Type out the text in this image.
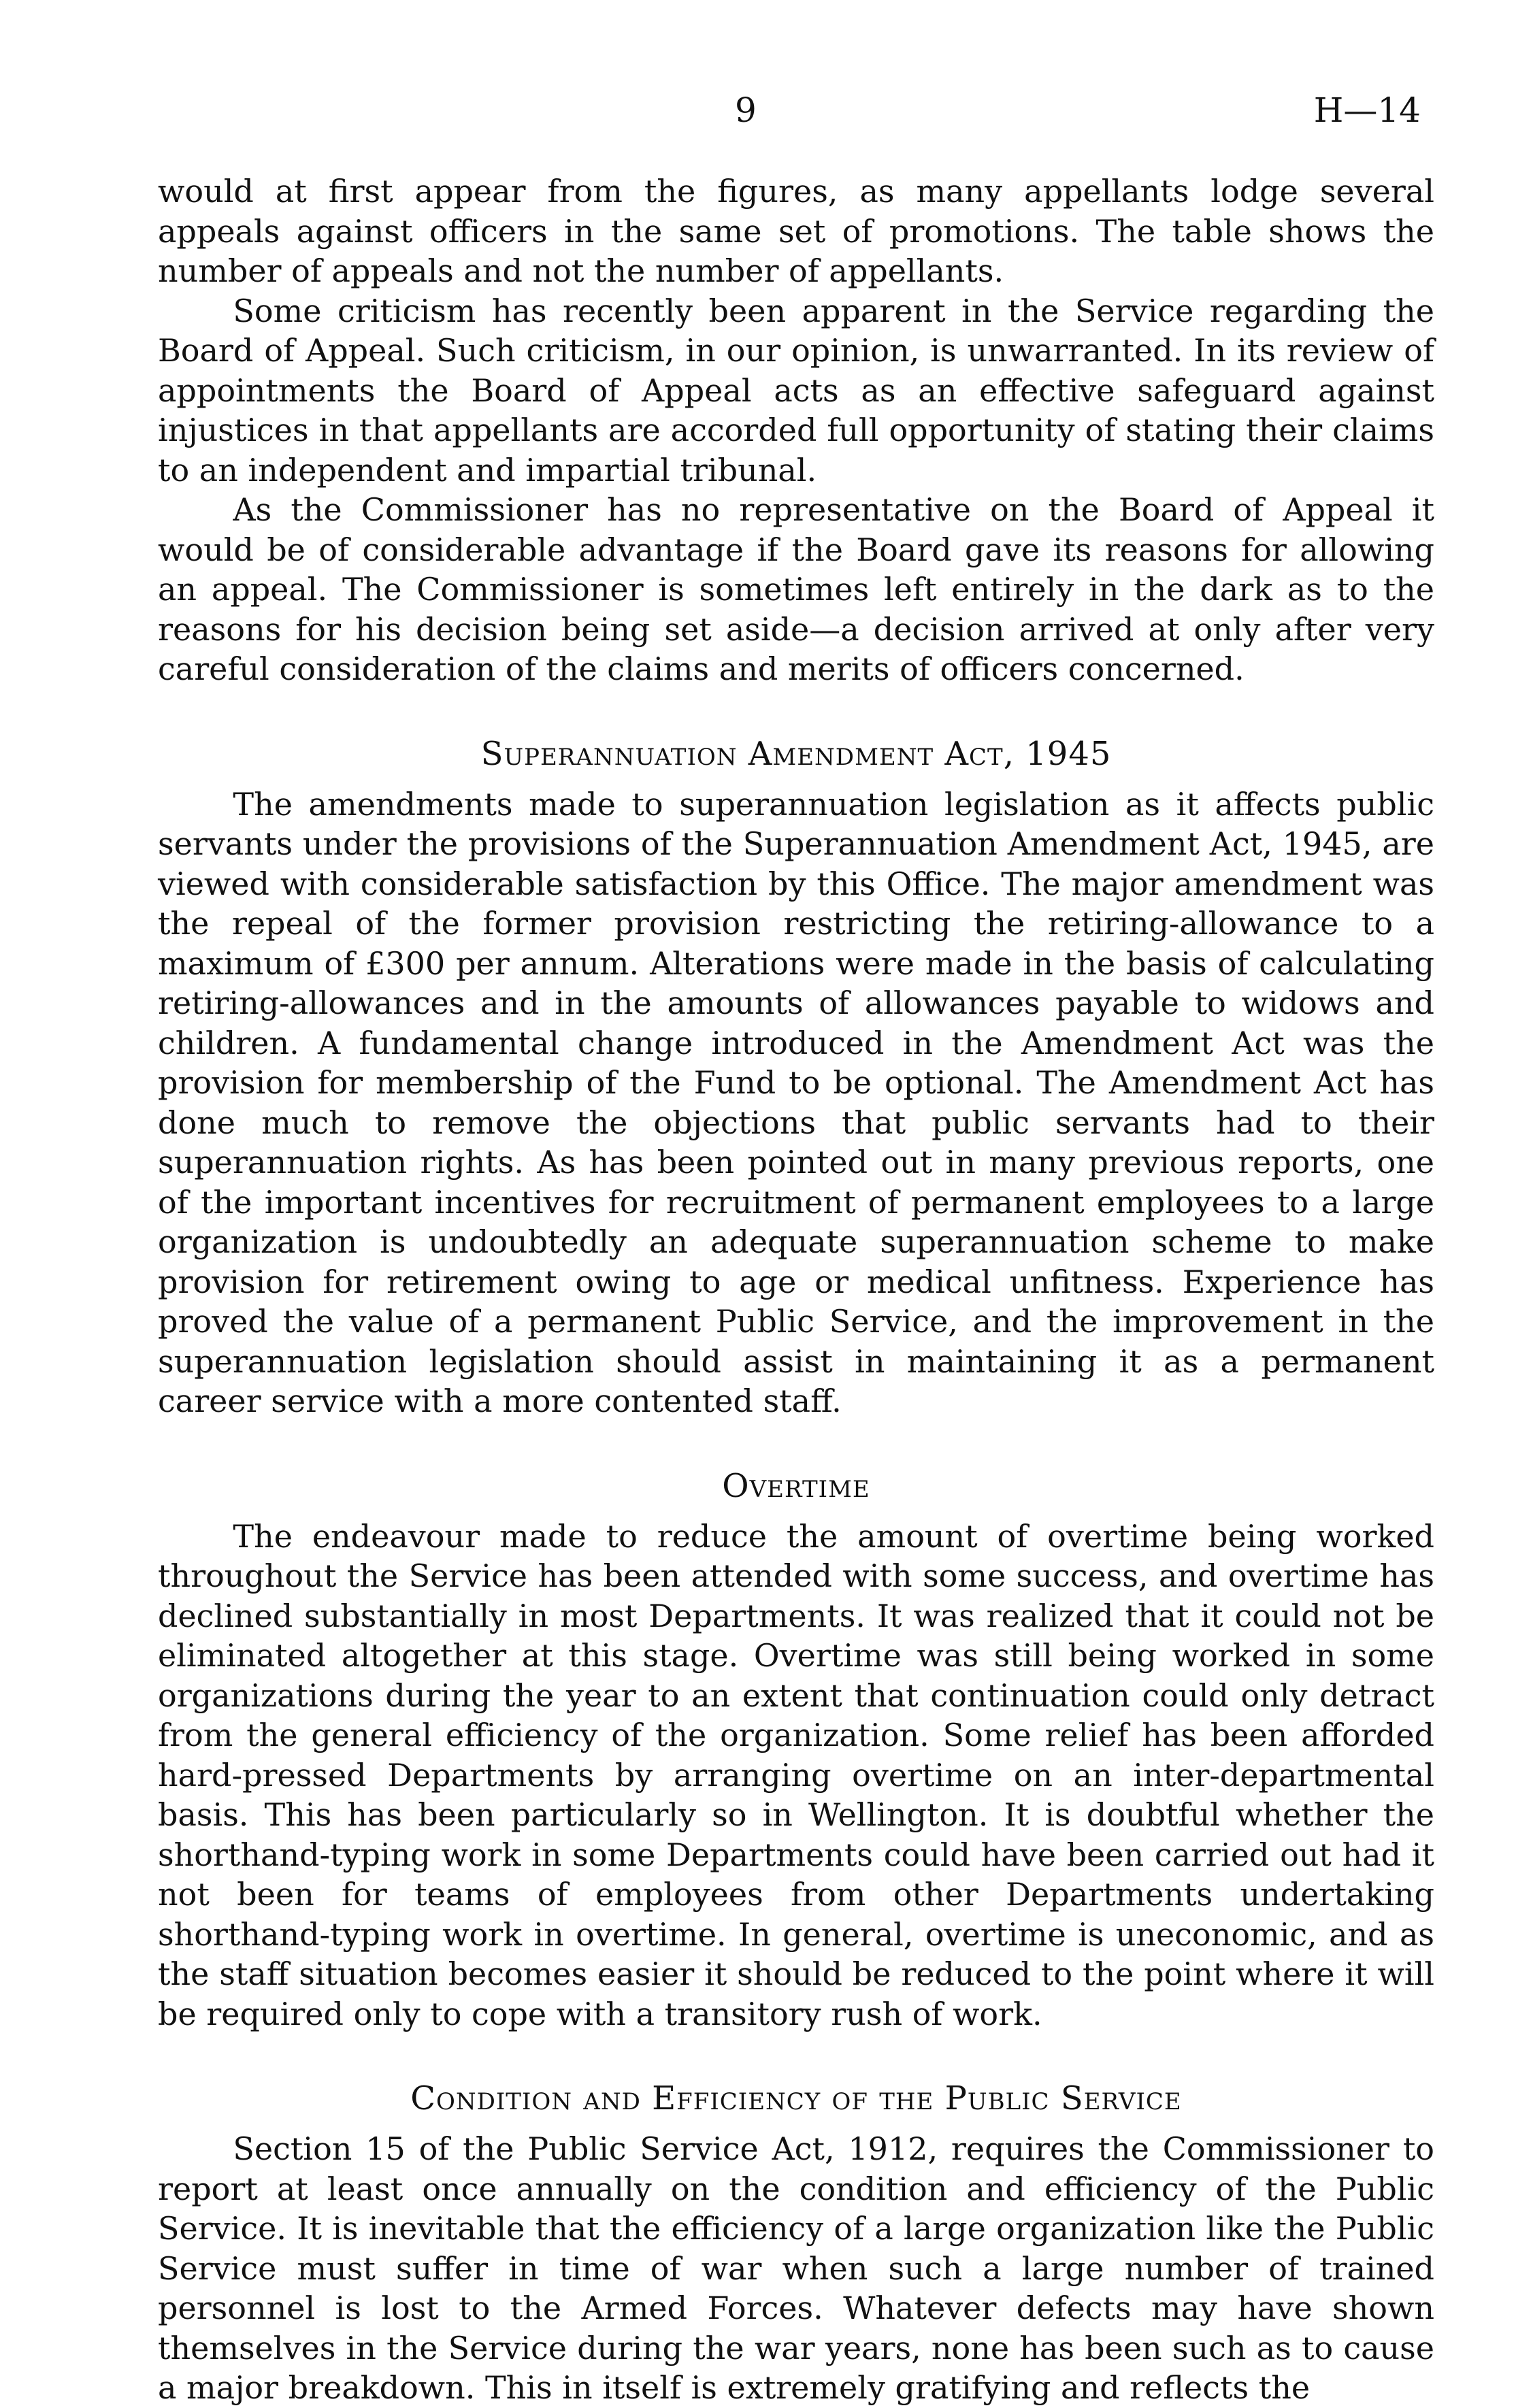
9	H—14

would at first appear from the figures, as many appellants lodge several appeals against officers in the same set of promotions. The table shows the number of appeals and not the number of appellants.

Some criticism has recently been apparent in the Service regarding the Board of Appeal. Such criticism, in our opinion, is unwarranted. In its review of appointments the Board of Appeal acts as an effective safeguard against injustices in that appellants are accorded full opportunity of stating their claims to an independent and impartial tribunal.

As the Commissioner has no representative on the Board of Appeal it would be of considerable advantage if the Board gave its reasons for allowing an appeal. The Commissioner is sometimes left entirely in the dark as to the reasons for his decision being set aside—a decision arrived at only after very careful consideration of the claims and merits of officers concerned.

Superannuation Amendment Act, 1945

The amendments made to superannuation legislation as it affects public servants under the provisions of the Superannuation Amendment Act, 1945, are viewed with considerable satisfaction by this Office. The major amendment was the repeal of the former provision restricting the retiring-allowance to a maximum of £300 per annum. Alterations were made in the basis of calculating retiring-allowances and in the amounts of allowances payable to widows and children. A fundamental change introduced in the Amendment Act was the provision for membership of the Fund to be optional. The Amendment Act has done much to remove the objections that public servants had to their superannuation rights. As has been pointed out in many previous reports, one of the important incentives for recruitment of permanent employees to a large organization is undoubtedly an adequate superannuation scheme to make provision for retirement owing to age or medical unfitness. Experience has proved the value of a permanent Public Service, and the improvement in the superannuation legislation should assist in maintaining it as a permanent career service with a more contented staff.

Overtime

The endeavour made to reduce the amount of overtime being worked throughout the Service has been attended with some success, and overtime has declined substantially in most Departments. It was realized that it could not be eliminated altogether at this stage. Overtime was still being worked in some organizations during the year to an extent that continuation could only detract from the general efficiency of the organization. Some relief has been afforded hard-pressed Departments by arranging overtime on an inter-departmental basis. This has been particularly so in Wellington. It is doubtful whether the shorthand-typing work in some Departments could have been carried out had it not been for teams of employees from other Departments undertaking shorthand-typing work in overtime. In general, overtime is uneconomic, and as the staff situation becomes easier it should be reduced to the point where it will be required only to cope with a transitory rush of work.

Condition and Efficiency of the Public Service

Section 15 of the Public Service Act, 1912, requires the Commissioner to report at least once annually on the condition and efficiency of the Public Service. It is inevitable that the efficiency of a large organization like the Public Service must suffer in time of war when such a large number of trained personnel is lost to the Armed Forces. Whatever defects may have shown themselves in the Service during the war years, none has been such as to cause a major breakdown. This in itself is extremely gratifying and reflects the
